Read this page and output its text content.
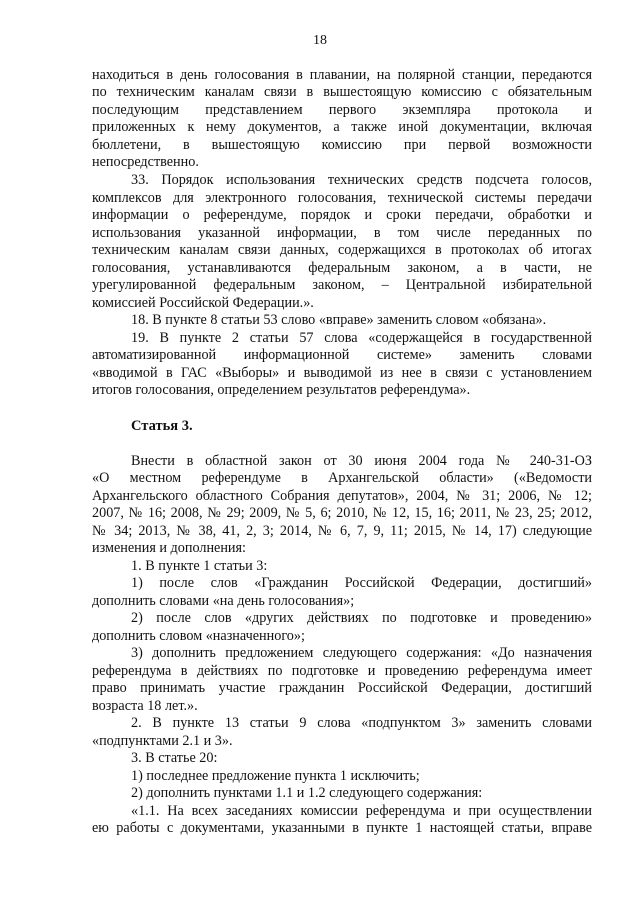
18
находиться в день голосования в плавании, на полярной станции, передаются
по техническим каналам связи в вышестоящую комиссию с обязательным
последующим представлением первого экземпляра протокола и
приложенных к нему документов, а также иной документации, включая
бюллетени, в вышестоящую комиссию при первой возможности
непосредственно.
33. Порядок использования технических средств подсчета голосов,
комплексов для электронного голосования, технической системы передачи
информации о референдуме, порядок и сроки передачи, обработки и
использования указанной информации, в том числе переданных по
техническим каналам связи данных, содержащихся в протоколах об итогах
голосования, устанавливаются федеральным законом, а в части, не
урегулированной федеральным законом, – Центральной избирательной
комиссией Российской Федерации.».
18. В пункте 8 статьи 53 слово «вправе» заменить словом «обязана».
19. В пункте 2 статьи 57 слова «содержащейся в государственной
автоматизированной информационной системе» заменить словами
«вводимой в ГАС «Выборы» и выводимой из нее в связи с установлением
итогов голосования, определением результатов референдума».
Статья 3.
Внести в областной закон от 30 июня 2004 года № 240-31-ОЗ
«О местном референдуме в Архангельской области» («Ведомости
Архангельского областного Собрания депутатов», 2004, № 31; 2006, № 12;
2007, № 16; 2008, № 29; 2009, № 5, 6; 2010, № 12, 15, 16; 2011, № 23, 25; 2012,
№ 34; 2013, № 38, 41, 2, 3; 2014, № 6, 7, 9, 11; 2015, № 14, 17) следующие
изменения и дополнения:
1. В пункте 1 статьи 3:
1) после слов «Гражданин Российской Федерации, достигший»
дополнить словами «на день голосования»;
2) после слов «других действиях по подготовке и проведению»
дополнить словом «назначенного»;
3) дополнить предложением следующего содержания: «До назначения
референдума в действиях по подготовке и проведению референдума имеет
право принимать участие гражданин Российской Федерации, достигший
возраста 18 лет.».
2. В пункте 13 статьи 9 слова «подпунктом 3» заменить словами
«подпунктами 2.1 и 3».
3. В статье 20:
1) последнее предложение пункта 1 исключить;
2) дополнить пунктами 1.1 и 1.2 следующего содержания:
«1.1. На всех заседаниях комиссии референдума и при осуществлении
ею работы с документами, указанными в пункте 1 настоящей статьи, вправе
